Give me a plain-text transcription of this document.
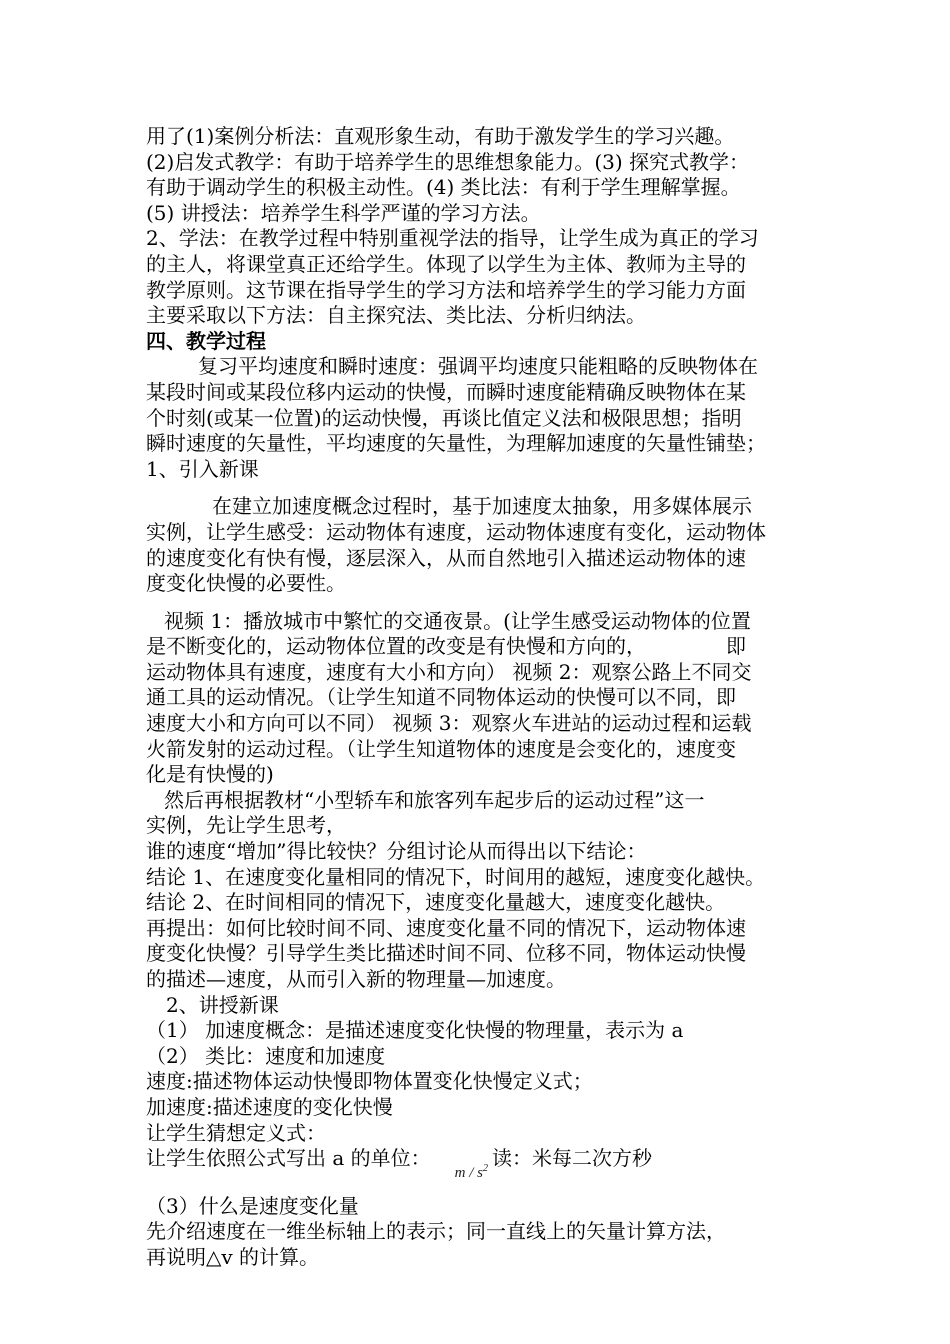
用了(1)案例分析法：直观形象生动，有助于激发学生的学习兴趣。
(2)启发式教学：有助于培养学生的思维想象能力。(3) 探究式教学：
有助于调动学生的积极主动性。(4) 类比法：有利于学生理解掌握。
(5) 讲授法：培养学生科学严谨的学习方法。
2、学法：在教学过程中特别重视学法的指导，让学生成为真正的学习
的主人，将课堂真正还给学生。体现了以学生为主体、教师为主导的
教学原则。这节课在指导学生的学习方法和培养学生的学习能力方面
主要采取以下方法：自主探究法、类比法、分析归纳法。
四、教学过程
复习平均速度和瞬时速度：强调平均速度只能粗略的反映物体在
某段时间或某段位移内运动的快慢，而瞬时速度能精确反映物体在某
个时刻(或某一位置)的运动快慢，再谈比值定义法和极限思想；指明
瞬时速度的矢量性，平均速度的矢量性，为理解加速度的矢量性铺垫；
1、引入新课
在建立加速度概念过程时，基于加速度太抽象，用多媒体展示
实例，让学生感受：运动物体有速度，运动物体速度有变化，运动物体
的速度变化有快有慢，逐层深入，从而自然地引入描述运动物体的速
度变化快慢的必要性。
视频 1：播放城市中繁忙的交通夜景。(让学生感受运动物体的位置
是不断变化的，运动物体位置的改变是有快慢和方向的，	即
运动物体具有速度，速度有大小和方向） 视频 2：观察公路上不同交
通工具的运动情况。（让学生知道不同物体运动的快慢可以不同，即
速度大小和方向可以不同） 视频 3：观察火车进站的运动过程和运载
火箭发射的运动过程。（让学生知道物体的速度是会变化的，速度变
化是有快慢的)
然后再根据教材“小型轿车和旅客列车起步后的运动过程”这一
实例，先让学生思考，
谁的速度“增加”得比较快？分组讨论从而得出以下结论：
结论 1、在速度变化量相同的情况下，时间用的越短，速度变化越快。
结论 2、在时间相同的情况下，速度变化量越大，速度变化越快。
再提出：如何比较时间不同、速度变化量不同的情况下，运动物体速
度变化快慢？引导学生类比描述时间不同、位移不同，物体运动快慢
的描述—速度，从而引入新的物理量—加速度。
2、讲授新课
（1） 加速度概念：是描述速度变化快慢的物理量，表示为 a
（2） 类比：速度和加速度
速度:描述物体运动快慢即物体置变化快慢定义式；
加速度:描述速度的变化快慢
让学生猜想定义式：
让学生依照公式写出 a 的单位：m / $s^2$ 读：米每二次方秒
（3）什么是速度变化量
先介绍速度在一维坐标轴上的表示；同一直线上的矢量计算方法，
再说明△v 的计算。
